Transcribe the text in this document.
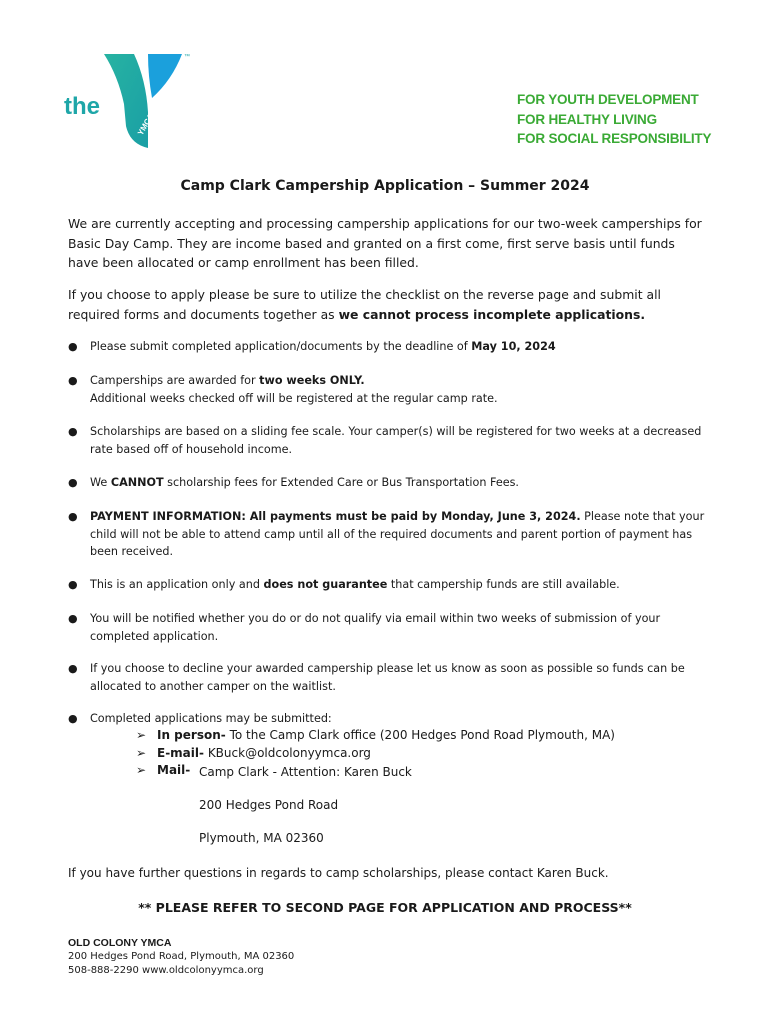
the
YMCA
™
FOR YOUTH DEVELOPMENT
FOR HEALTHY LIVING
FOR SOCIAL RESPONSIBILITY
Camp Clark Campership Application – Summer 2024
We are currently accepting and processing campership applications for our two-week camperships for Basic Day Camp. They are income based and granted on a first come, first serve basis until funds have been allocated or camp enrollment has been filled.
If you choose to apply please be sure to utilize the checklist on the reverse page and submit all required forms and documents together as we cannot process incomplete applications.
● Please submit completed application/documents by the deadline of May 10, 2024
● Camperships are awarded for two weeks ONLY.
Additional weeks checked off will be registered at the regular camp rate.
● Scholarships are based on a sliding fee scale. Your camper(s) will be registered for two weeks at a decreased rate based off of household income.
● We CANNOT scholarship fees for Extended Care or Bus Transportation Fees.
● PAYMENT INFORMATION: All payments must be paid by Monday, June 3, 2024. Please note that your child will not be able to attend camp until all of the required documents and parent portion of payment has been received.
● This is an application only and does not guarantee that campership funds are still available.
● You will be notified whether you do or do not qualify via email within two weeks of submission of your completed application.
● If you choose to decline your awarded campership please let us know as soon as possible so funds can be allocated to another camper on the waitlist.
● Completed applications may be submitted:
➢ In person- To the Camp Clark office (200 Hedges Pond Road Plymouth, MA)
➢ E-mail- KBuck@oldcolonyymca.org
➢ Mail- Camp Clark - Attention: Karen Buck
200 Hedges Pond Road
Plymouth, MA 02360
If you have further questions in regards to camp scholarships, please contact Karen Buck.
** PLEASE REFER TO SECOND PAGE FOR APPLICATION AND PROCESS**
OLD COLONY YMCA
200 Hedges Pond Road, Plymouth, MA 02360
508-888-2290 www.oldcolonyymca.org
